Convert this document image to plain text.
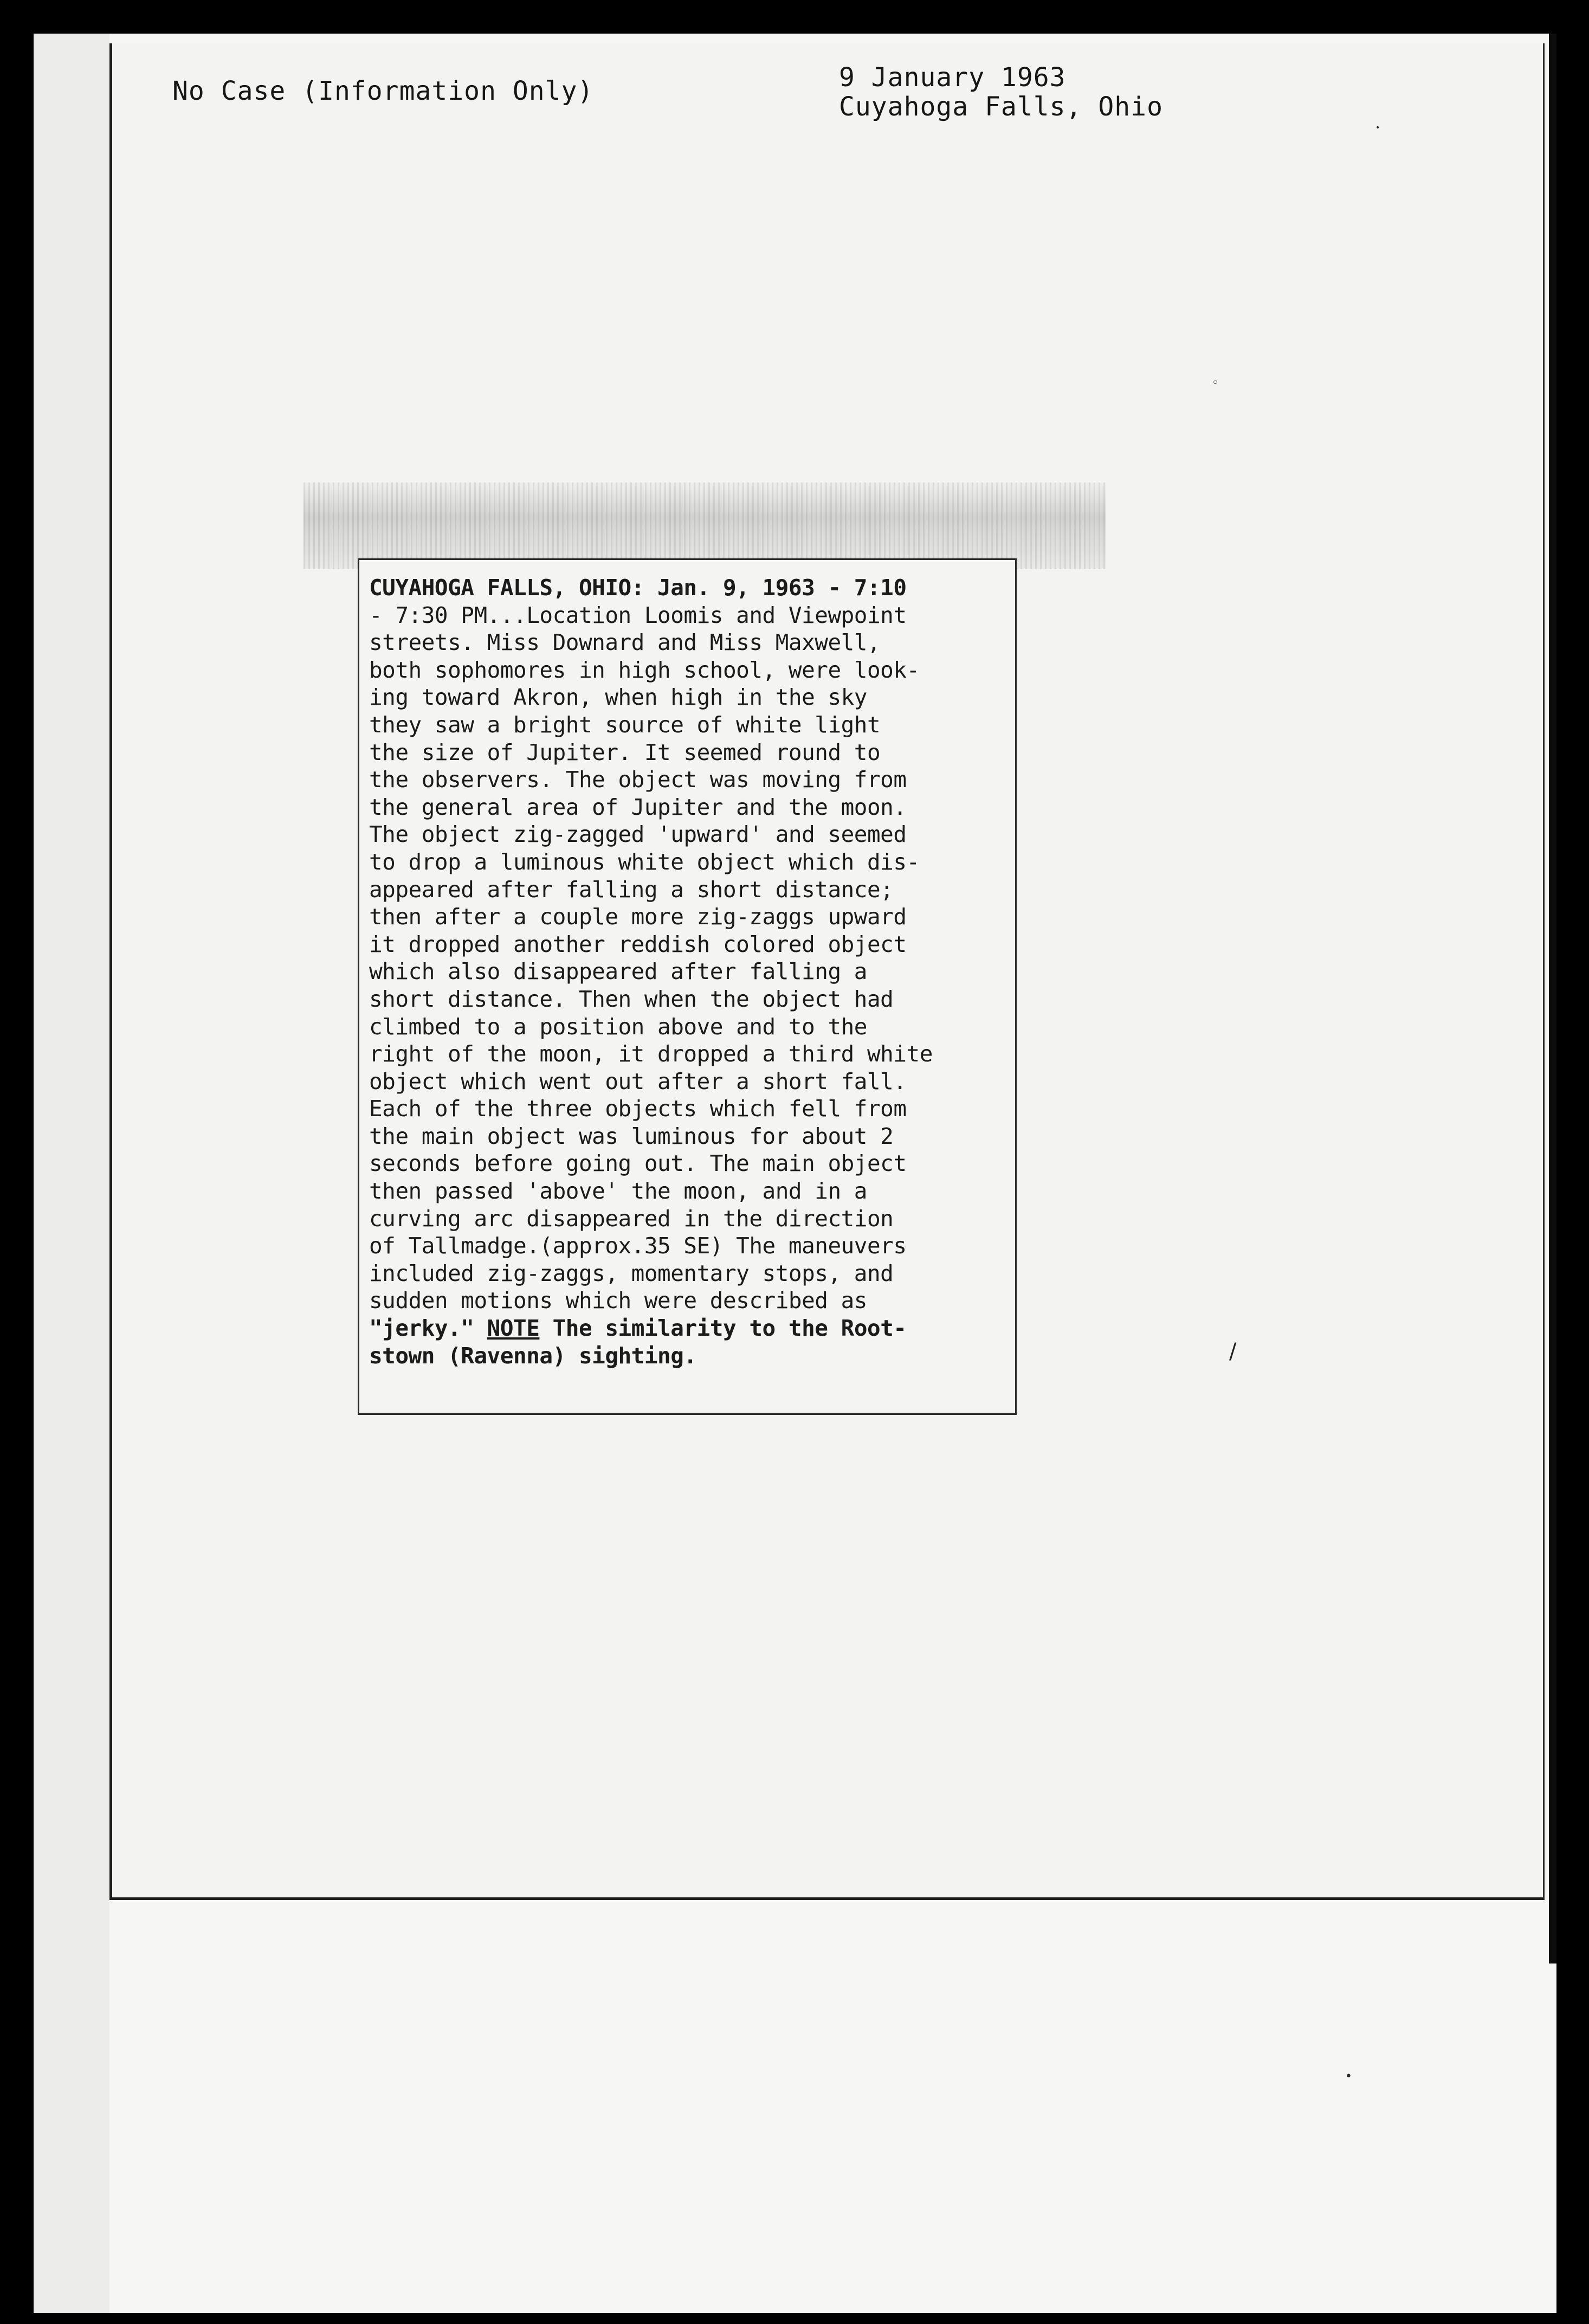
No Case (Information Only)	9 January 1963
Cuyahoga Falls, Ohio
CUYAHOGA FALLS, OHIO: Jan. 9, 1963 - 7:10
- 7:30 PM...Location Loomis and Viewpoint
streets. Miss Downard and Miss Maxwell,
both sophomores in high school, were look-
ing toward Akron, when high in the sky
they saw a bright source of white light
the size of Jupiter. It seemed round to
the observers. The object was moving from
the general area of Jupiter and the moon.
The object zig-zagged 'upward' and seemed
to drop a luminous white object which dis-
appeared after falling a short distance;
then after a couple more zig-zaggs upward
it dropped another reddish colored object
which also disappeared after falling a
short distance. Then when the object had
climbed to a position above and to the
right of the moon, it dropped a third white
object which went out after a short fall.
Each of the three objects which fell from
the main object was luminous for about 2
seconds before going out. The main object
then passed 'above' the moon, and in a
curving arc disappeared in the direction
of Tallmadge.(approx.35 SE) The maneuvers
included zig-zaggs, momentary stops, and
sudden motions which were described as
"jerky." NOTE The similarity to the Root-
stown (Ravenna) sighting.
•
◦
/
•
